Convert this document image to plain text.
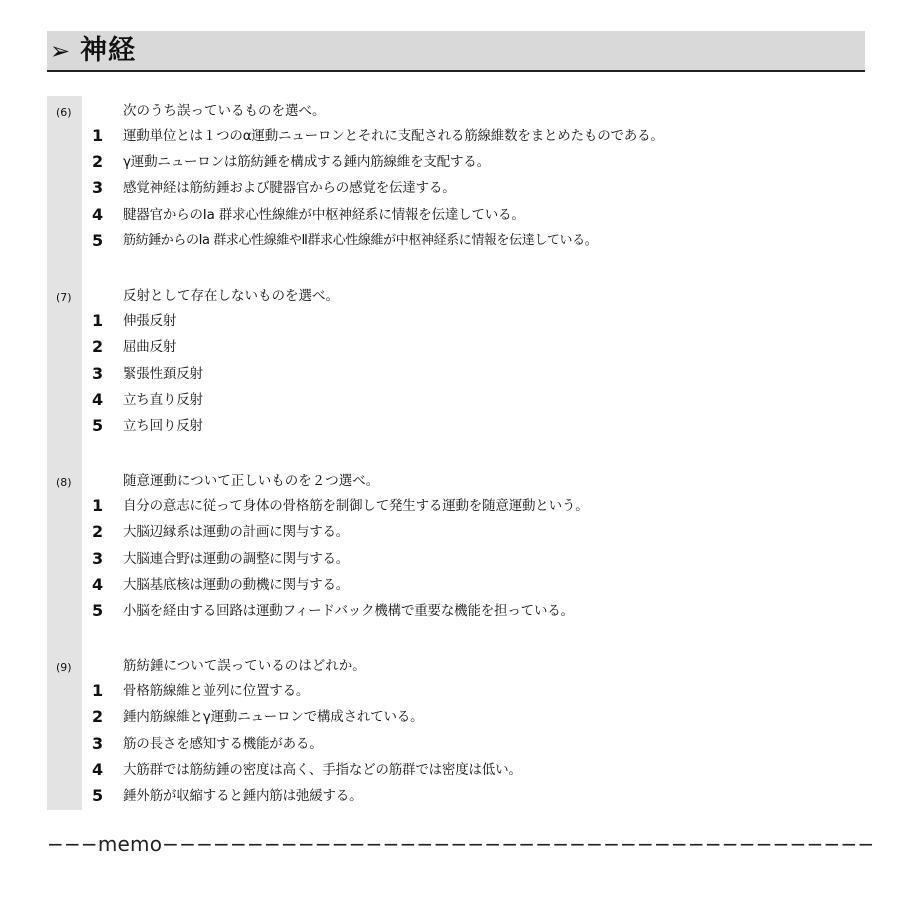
➢ 神経
(6)	次のうち誤っているものを選べ。
1 運動単位とは１つのα運動ニューロンとそれに支配される筋線維数をまとめたものである。
2 γ運動ニューロンは筋紡錘を構成する錘内筋線維を支配する。
3 感覚神経は筋紡錘および腱器官からの感覚を伝達する。
4 腱器官からのⅠa 群求心性線維が中枢神経系に情報を伝達している。
5 筋紡錘からのⅠa 群求心性線維やⅡ群求心性線維が中枢神経系に情報を伝達している。
(7)	反射として存在しないものを選べ。
1 伸張反射
2 屈曲反射
3 緊張性頚反射
4 立ち直り反射
5 立ち回り反射
(8)	随意運動について正しいものを２つ選べ。
1 自分の意志に従って身体の骨格筋を制御して発生する運動を随意運動という。
2 大脳辺縁系は運動の計画に関与する。
3 大脳連合野は運動の調整に関与する。
4 大脳基底核は運動の動機に関与する。
5 小脳を経由する回路は運動フィードバック機構で重要な機能を担っている。
(9)	筋紡錘について誤っているのはどれか。
1 骨格筋線維と並列に位置する。
2 錘内筋線維とγ運動ニューロンで構成されている。
3 筋の長さを感知する機能がある。
4 大筋群では筋紡錘の密度は高く、手指などの筋群では密度は低い。
5 錘外筋が収縮すると錘内筋は弛緩する。
−−−memo−−−−−−−−−−−−−−−−−−−−−−−−−−−−−−−−−−−−−−−−−−
